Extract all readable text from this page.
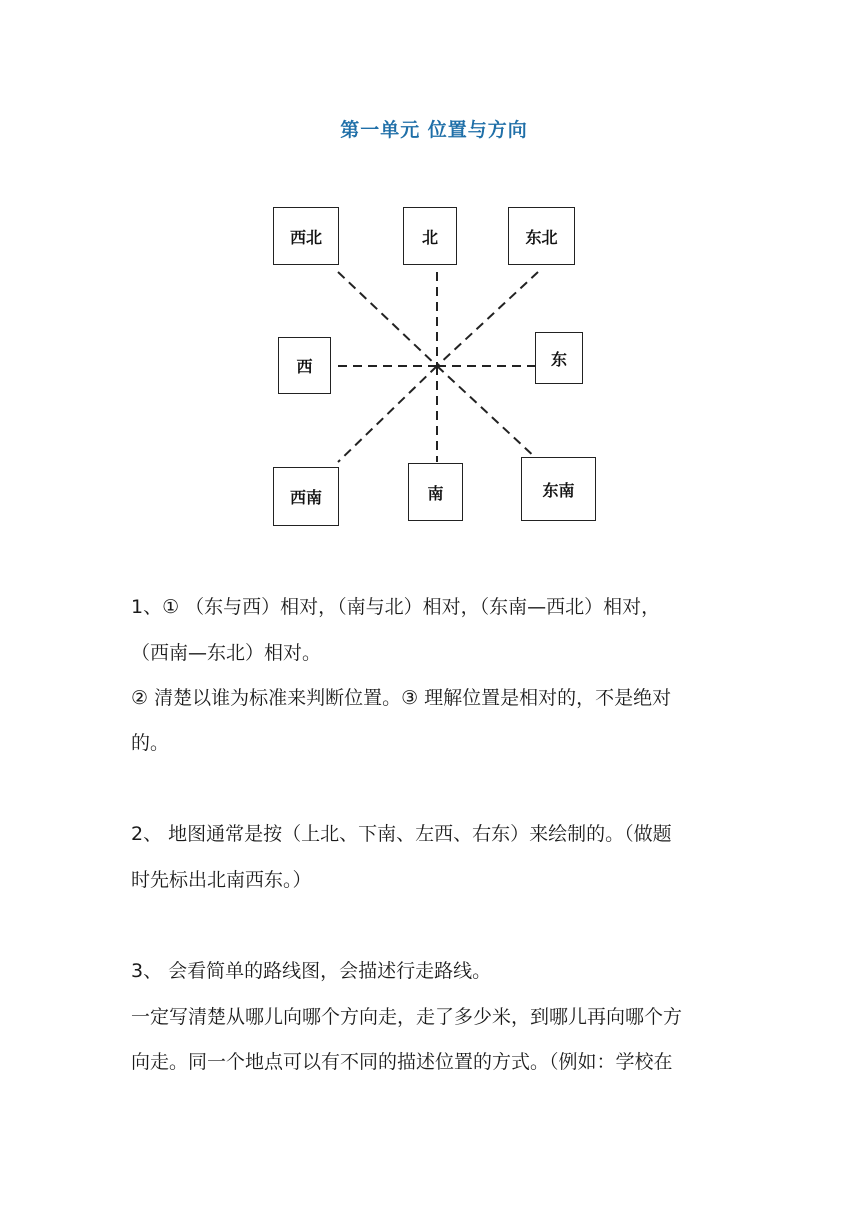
第一单元 位置与方向
西北	北	东北
西	东
西南	南	东南
1、① （东与西）相对，（南与北）相对，（东南—西北）相对，
（西南—东北）相对。
② 清楚以谁为标准来判断位置。③ 理解位置是相对的，不是绝对
的。
2、 地图通常是按（上北、下南、左西、右东）来绘制的。（做题
时先标出北南西东。）
3、 会看简单的路线图，会描述行走路线。
一定写清楚从哪儿向哪个方向走，走了多少米，到哪儿再向哪个方
向走。同一个地点可以有不同的描述位置的方式。（例如：学校在
